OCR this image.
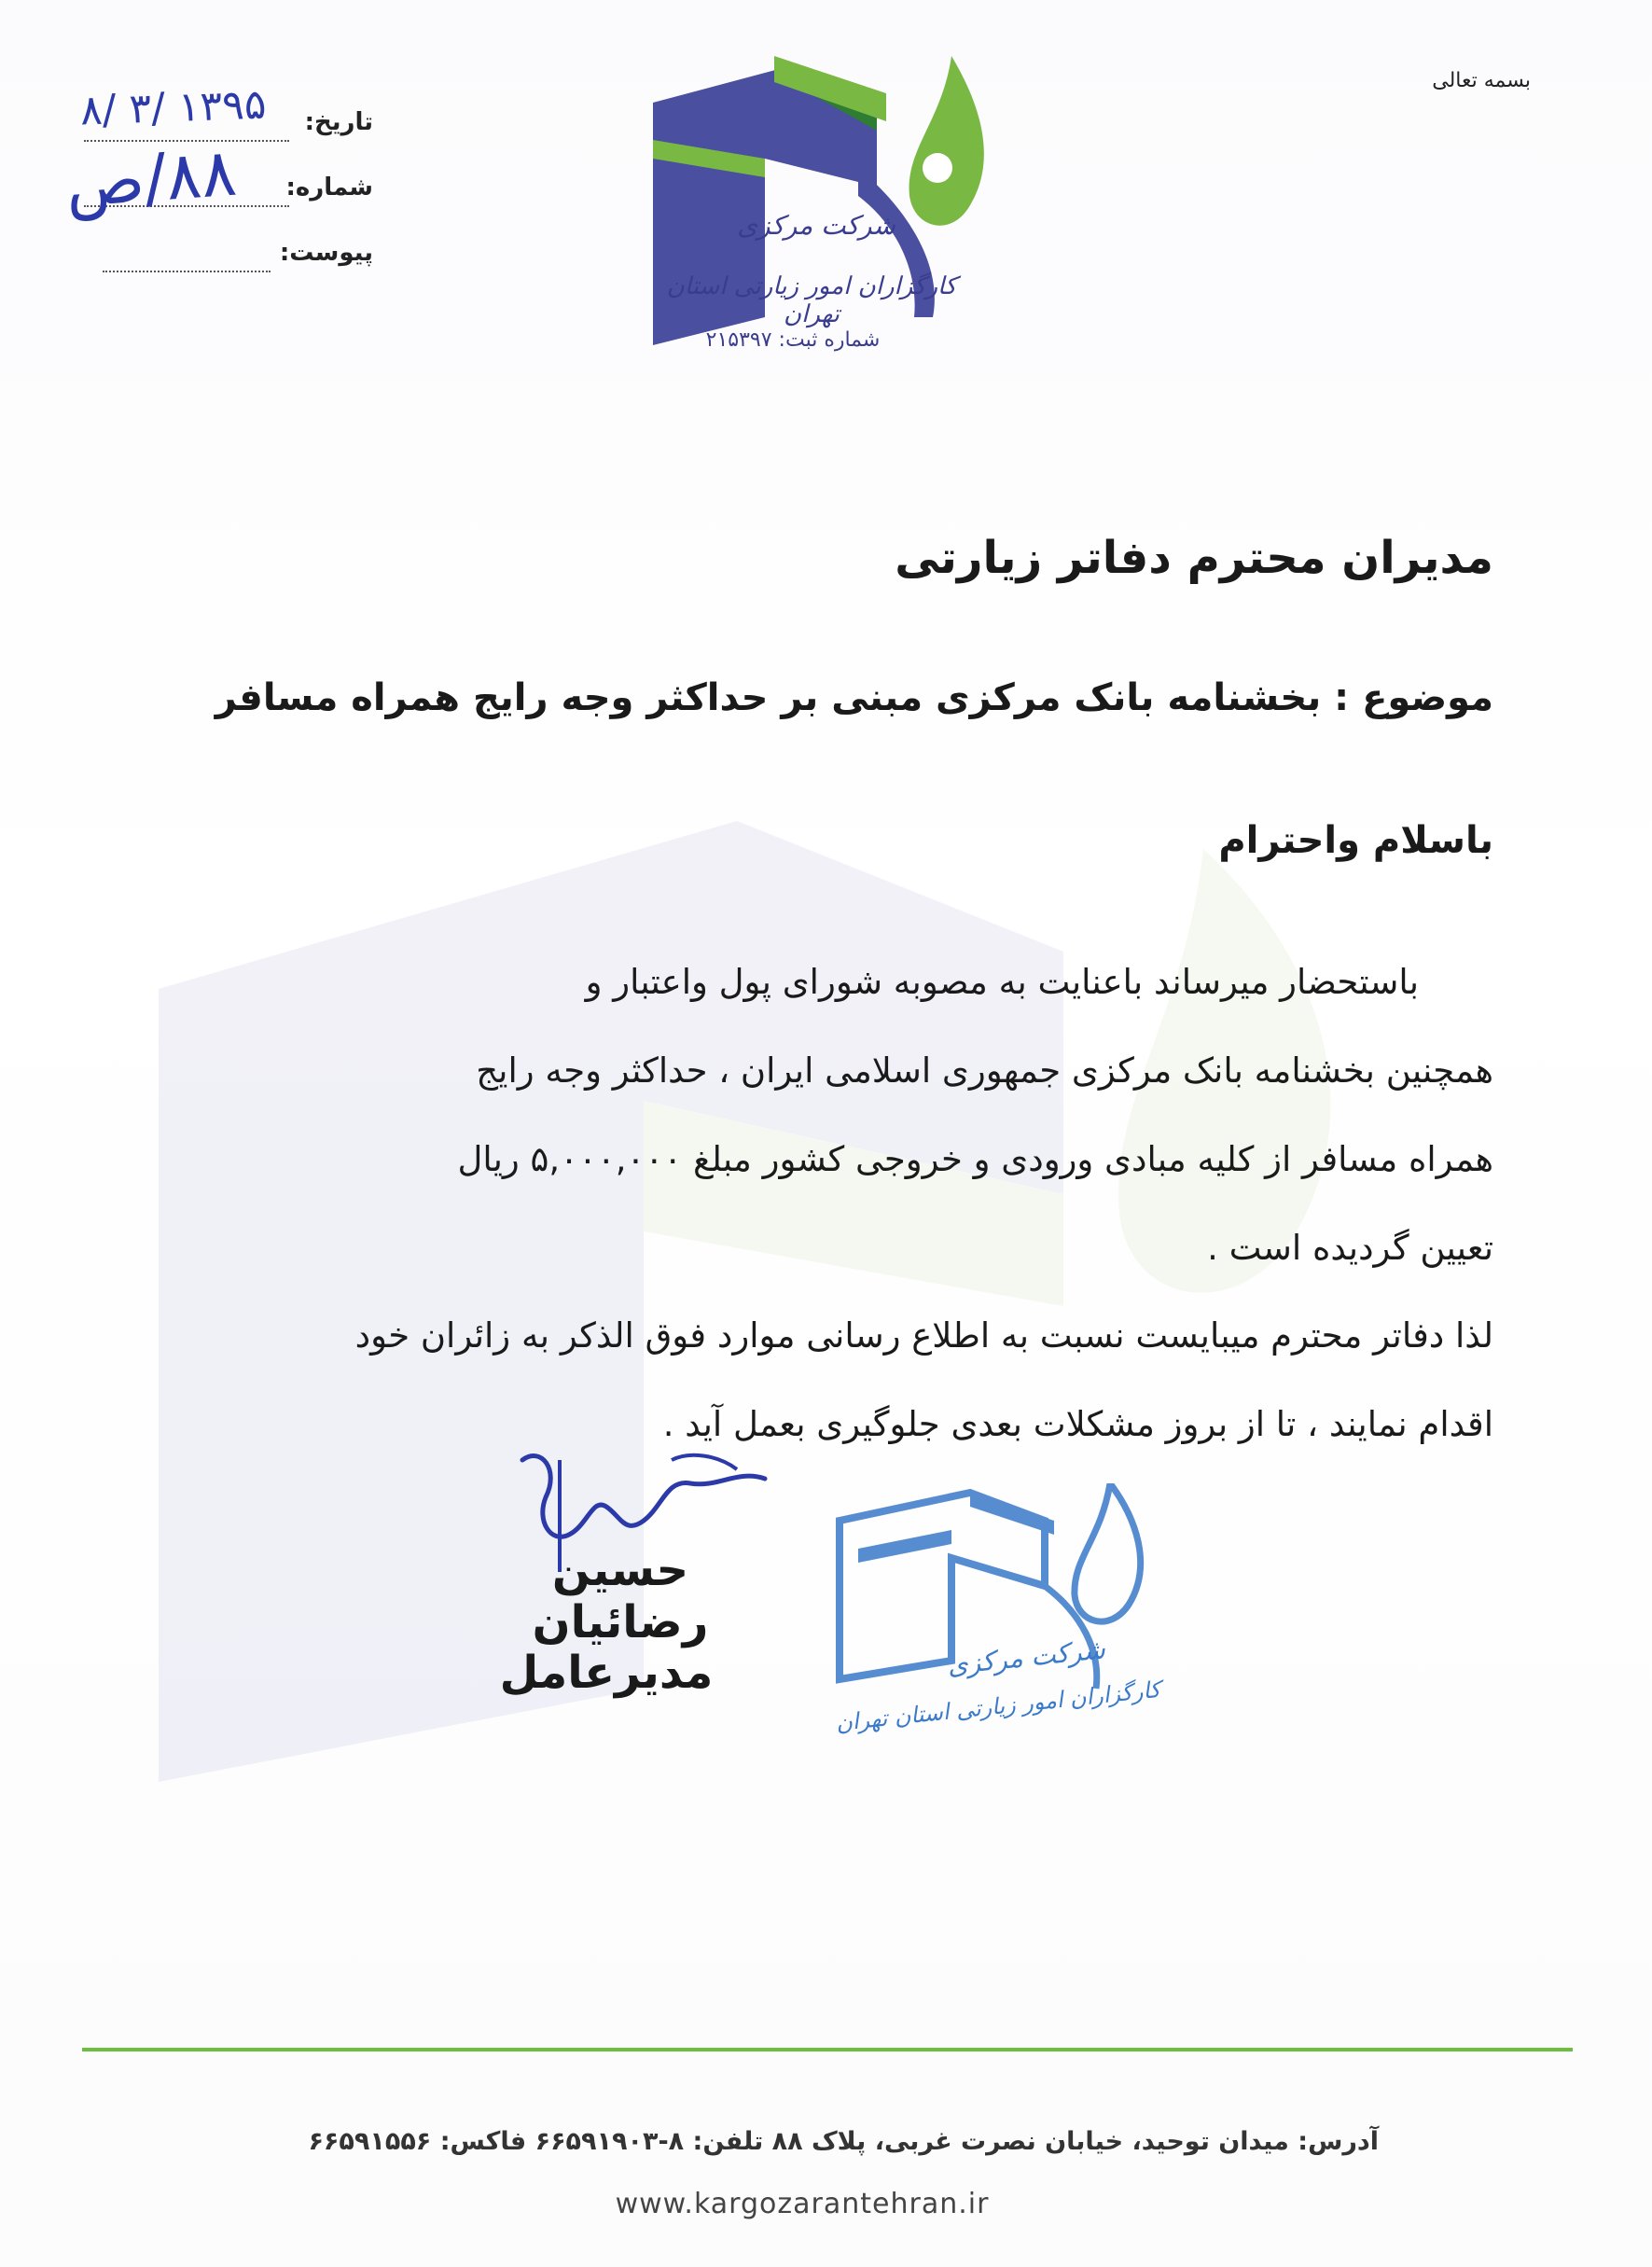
بسمه تعالی
تاریخ:
شماره:
پیوست:
۸/ ۳/ ۱۳۹۵
۸۸/ص
شرکت مرکزی
کارگزاران امور زیارتی استان تهران
شماره ثبت: ۲۱۵۳۹۷
مدیران محترم دفاتر زیارتی
موضوع : بخشنامه بانک مرکزی مبنی بر حداکثر وجه رایج همراه مسافر
باسلام واحترام
باستحضار میرساند باعنایت به مصوبه شورای پول واعتبار و
همچنین بخشنامه بانک مرکزی جمهوری اسلامی ایران ، حداکثر وجه رایج
همراه مسافر از کلیه مبادی ورودی و خروجی کشور مبلغ ۵,۰۰۰,۰۰۰ ریال
تعیین گردیده است .
لذا دفاتر محترم میبایست نسبت به اطلاع رسانی موارد فوق الذکر به زائران خود
اقدام نمایند ، تا از بروز مشکلات بعدی جلوگیری بعمل آید .
حسین رضائیان
مدیرعامل	شرکت مرکزی
کارگزاران امور زیارتی استان تهران
آدرس: میدان توحید، خیابان نصرت غربی، پلاک ۸۸ تلفن: ۸-۶۶۵۹۱۹۰۳ فاکس: ۶۶۵۹۱۵۵۶
www.kargozarantehran.ir
